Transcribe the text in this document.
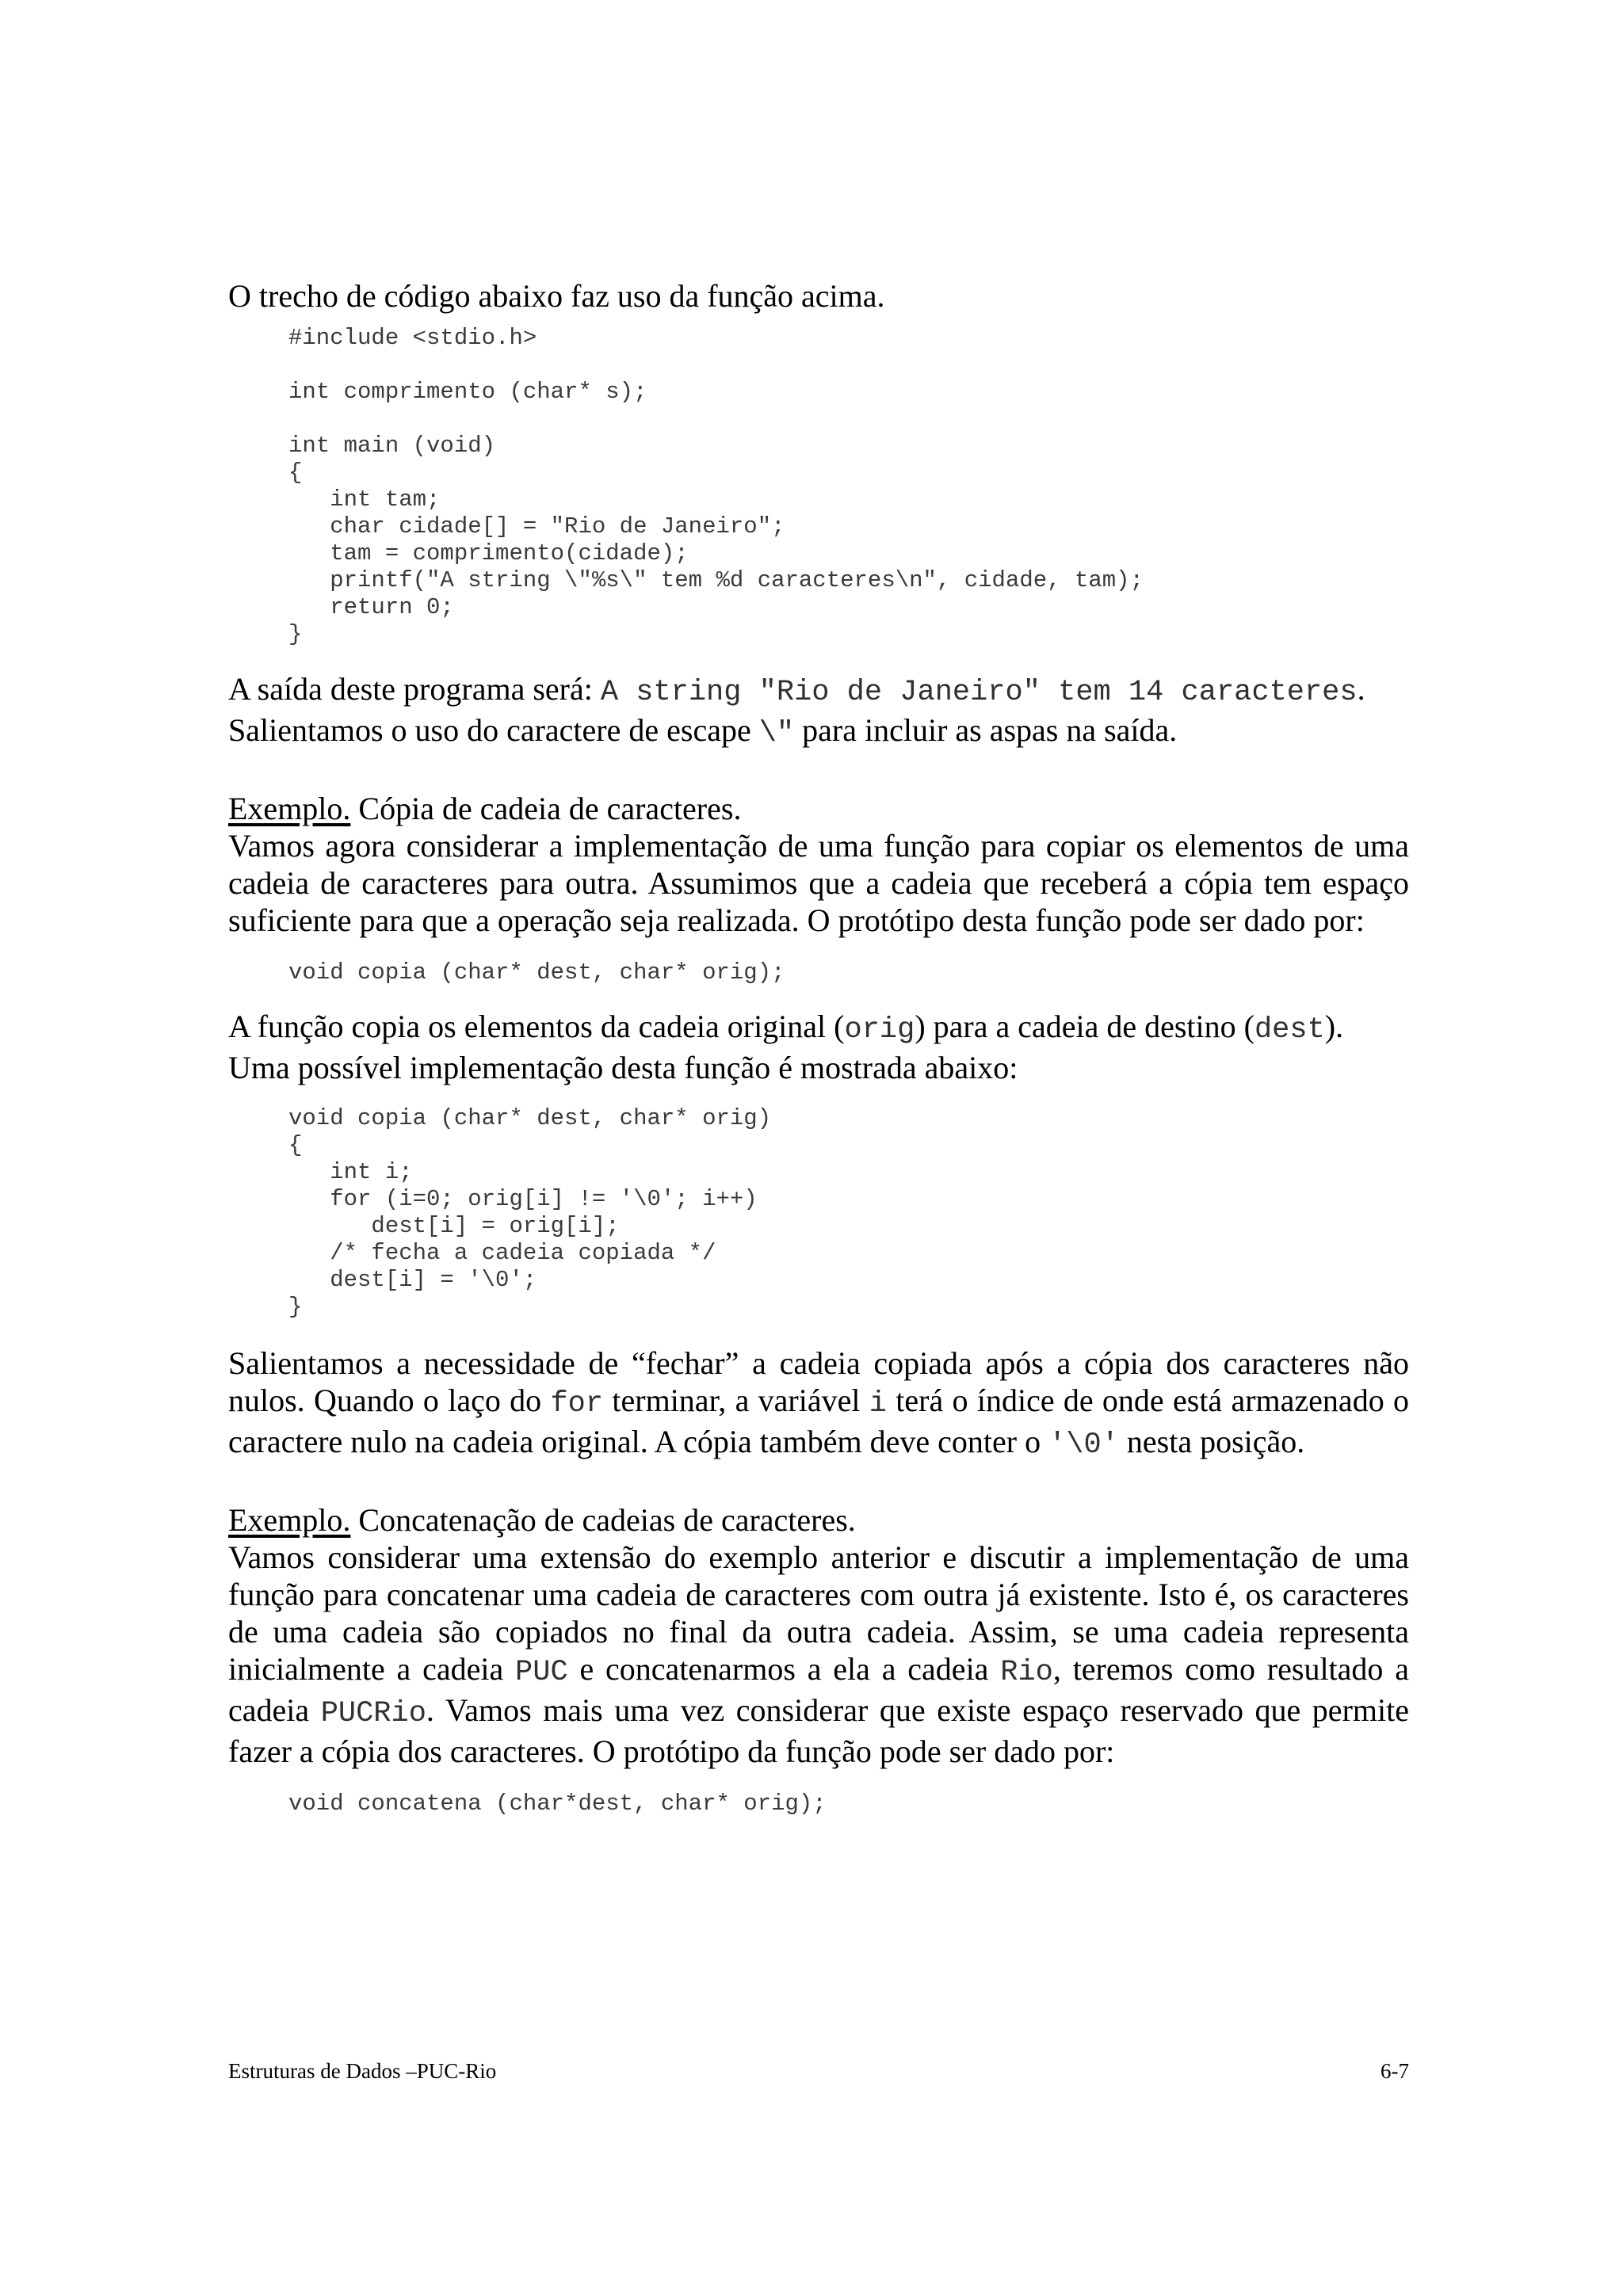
O trecho de código abaixo faz uso da função acima.

#include <stdio.h>

int comprimento (char* s);

int main (void)
{
int tam;
char cidade[] = "Rio de Janeiro";
tam = comprimento(cidade);
printf("A string \"%s\" tem %d caracteres\n", cidade, tam);
return 0;
}

A saída deste programa será: A string "Rio de Janeiro" tem 14 caracteres.
Salientamos o uso do caractere de escape \" para incluir as aspas na saída.

Exemplo. Cópia de cadeia de caracteres.
Vamos agora considerar a implementação de uma função para copiar os elementos de uma cadeia de caracteres para outra. Assumimos que a cadeia que receberá a cópia tem espaço suficiente para que a operação seja realizada. O protótipo desta função pode ser dado por:

void copia (char* dest, char* orig);

A função copia os elementos da cadeia original (orig) para a cadeia de destino (dest).
Uma possível implementação desta função é mostrada abaixo:

void copia (char* dest, char* orig)
{
int i;
for (i=0; orig[i] != '\0'; i++)
dest[i] = orig[i];
/* fecha a cadeia copiada */
dest[i] = '\0';
}

Salientamos a necessidade de “fechar” a cadeia copiada após a cópia dos caracteres não nulos. Quando o laço do for terminar, a variável i terá o índice de onde está armazenado o caractere nulo na cadeia original. A cópia também deve conter o '\0' nesta posição.

Exemplo. Concatenação de cadeias de caracteres.
Vamos considerar uma extensão do exemplo anterior e discutir a implementação de uma função para concatenar uma cadeia de caracteres com outra já existente. Isto é, os caracteres de uma cadeia são copiados no final da outra cadeia. Assim, se uma cadeia representa inicialmente a cadeia PUC e concatenarmos a ela a cadeia Rio, teremos como resultado a cadeia PUCRio. Vamos mais uma vez considerar que existe espaço reservado que permite fazer a cópia dos caracteres. O protótipo da função pode ser dado por:

void concatena (char*dest, char* orig);
Estruturas de Dados –PUC-Rio	6-7
